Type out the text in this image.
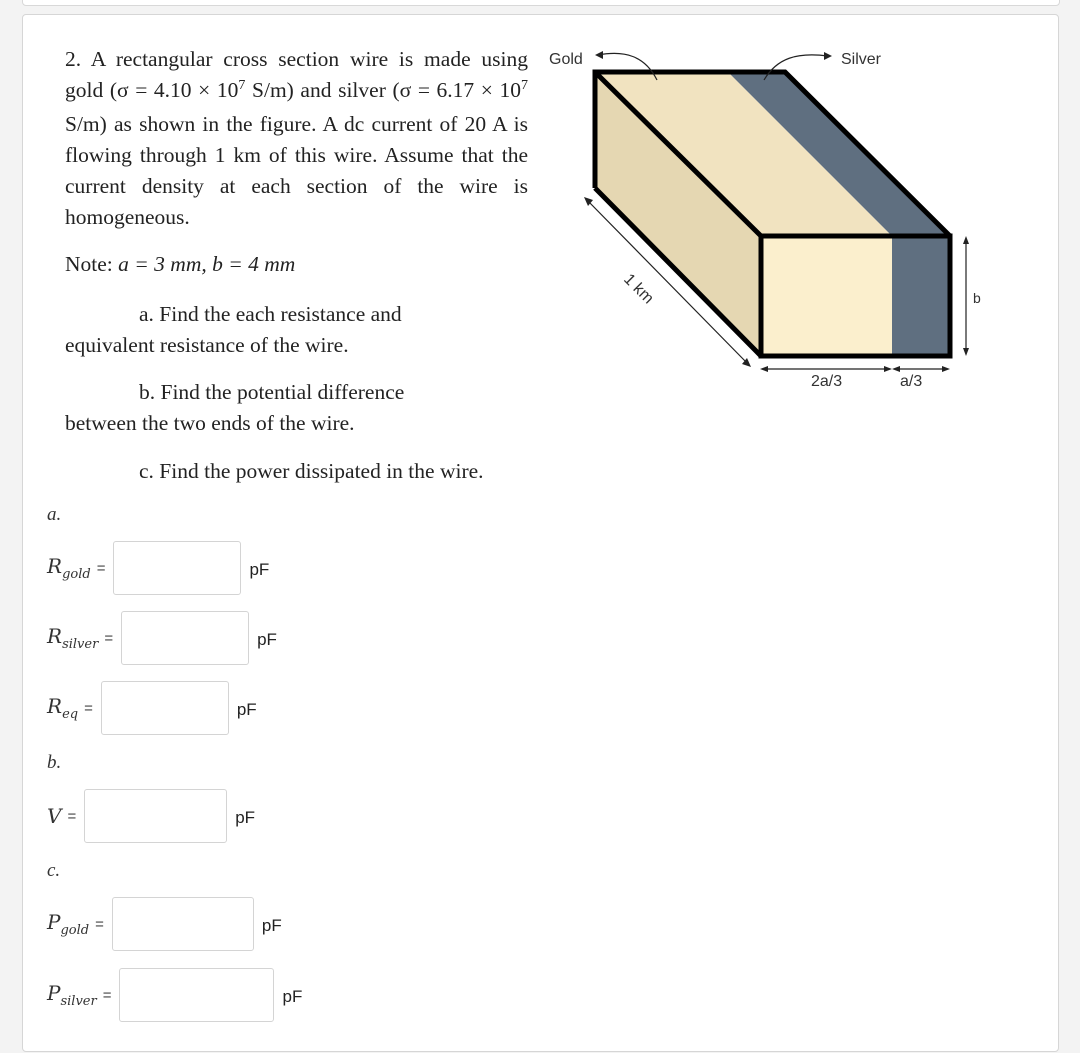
2. A rectangular cross section wire is made using gold ($\sigma = 4.10 \times 10^7$ S/m) and silver ($\sigma = 6.17 \times 10^7$ S/m) as shown in the figure. A dc current of 20 A is flowing through 1 km of this wire. Assume that the current density at each section of the wire is homogeneous.

Note: a = 3 mm, b = 4 mm
a. Find the each resistance and
equivalent resistance of the wire.
b. Find the potential difference
between the two ends of the wire.
c. Find the power dissipated in the wire.
Gold	Silver
1 km
2a/3	a/3
b
a.
$R_{gold}$ =	pF
$R_{silver}$ =	pF
$R_{eq}$ =	pF
b.
V =	pF
c.
$P_{gold}$ =	pF
$P_{silver}$ =	pF
